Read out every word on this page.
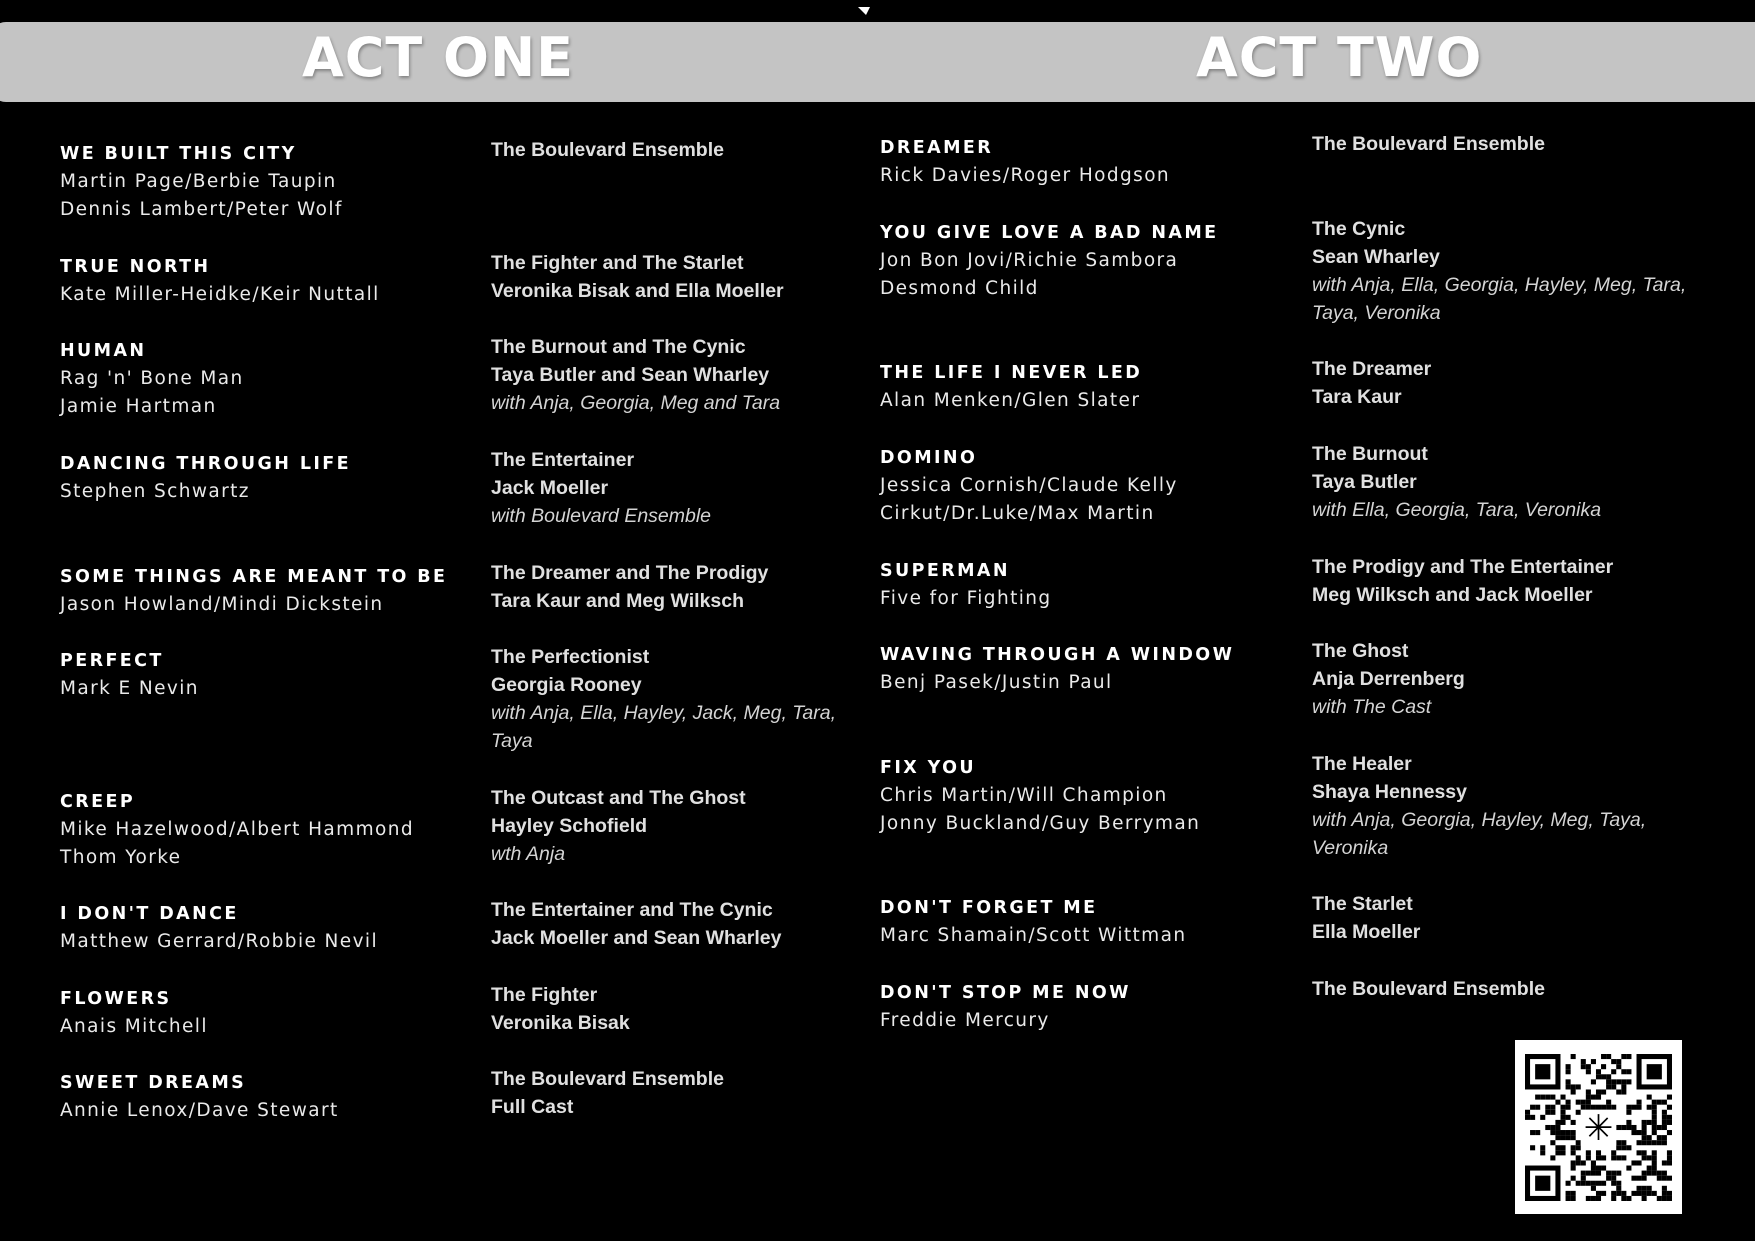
ACT ONE	ACT TWO
WE BUILT THIS CITY
Martin Page/Berbie Taupin
Dennis Lambert/Peter Wolf
TRUE NORTH
Kate Miller-Heidke/Keir Nuttall
HUMAN
Rag 'n' Bone Man
Jamie Hartman
DANCING THROUGH LIFE
Stephen Schwartz
SOME THINGS ARE MEANT TO BE
Jason Howland/Mindi Dickstein
PERFECT
Mark E Nevin
CREEP
Mike Hazelwood/Albert Hammond
Thom Yorke
I DON'T DANCE
Matthew Gerrard/Robbie Nevil
FLOWERS
Anais Mitchell
SWEET DREAMS
Annie Lenox/Dave Stewart
The Boulevard Ensemble
The Fighter and The Starlet
Veronika Bisak and Ella Moeller
The Burnout and The Cynic
Taya Butler and Sean Wharley
with Anja, Georgia, Meg and Tara
The Entertainer
Jack Moeller
with Boulevard Ensemble
The Dreamer and The Prodigy
Tara Kaur and Meg Wilksch
The Perfectionist
Georgia Rooney
with Anja, Ella, Hayley, Jack, Meg, Tara, Taya
The Outcast and The Ghost
Hayley Schofield
wth Anja
The Entertainer and The Cynic
Jack Moeller and Sean Wharley
The Fighter
Veronika Bisak
The Boulevard Ensemble
Full Cast
DREAMER
Rick Davies/Roger Hodgson
YOU GIVE LOVE A BAD NAME
Jon Bon Jovi/Richie Sambora
Desmond Child
THE LIFE I NEVER LED
Alan Menken/Glen Slater
DOMINO
Jessica Cornish/Claude Kelly
Cirkut/Dr.Luke/Max Martin
SUPERMAN
Five for Fighting
WAVING THROUGH A WINDOW
Benj Pasek/Justin Paul
FIX YOU
Chris Martin/Will Champion
Jonny Buckland/Guy Berryman
DON'T FORGET ME
Marc Shamain/Scott Wittman
DON'T STOP ME NOW
Freddie Mercury
The Boulevard Ensemble
The Cynic
Sean Wharley
with Anja, Ella, Georgia, Hayley, Meg, Tara, Taya, Veronika
The Dreamer
Tara Kaur
The Burnout
Taya Butler
with Ella, Georgia, Tara, Veronika
The Prodigy and The Entertainer
Meg Wilksch and Jack Moeller
The Ghost
Anja Derrenberg
with The Cast
The Healer
Shaya Hennessy
with Anja, Georgia, Hayley, Meg, Taya, Veronika
The Starlet
Ella Moeller
The Boulevard Ensemble
✳
